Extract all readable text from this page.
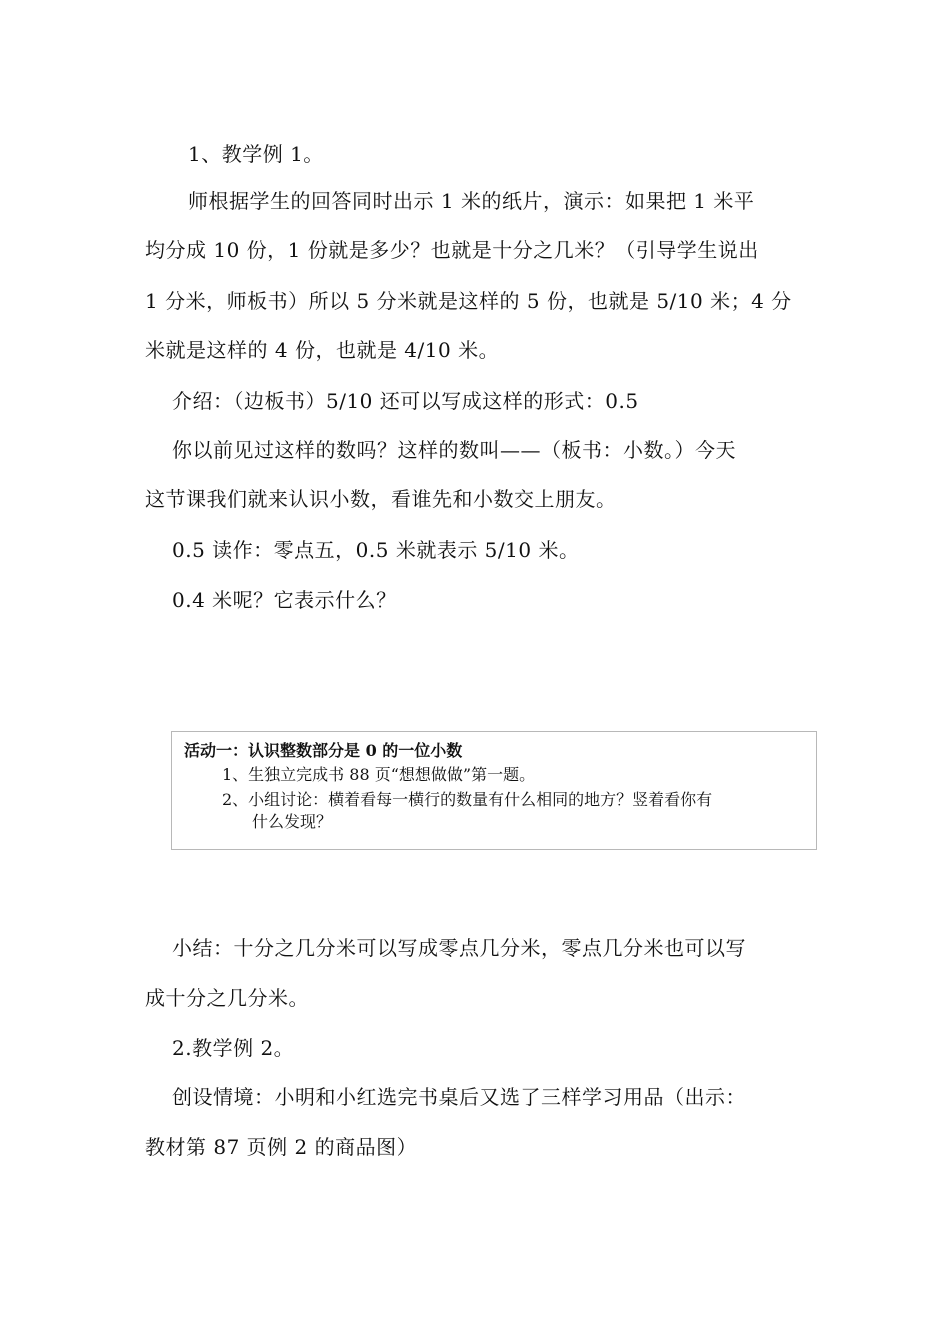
1、教学例 1。
师根据学生的回答同时出示 1 米的纸片，演示：如果把 1 米平
均分成 10 份，1 份就是多少？也就是十分之几米？（引导学生说出
1 分米，师板书）所以 5 分米就是这样的 5 份，也就是 5/10 米；4 分
米就是这样的 4 份，也就是 4/10 米。
介绍：（边板书）5/10 还可以写成这样的形式：0.5
你以前见过这样的数吗？这样的数叫——（板书：小数。）今天
这节课我们就来认识小数，看谁先和小数交上朋友。
0.5 读作：零点五，0.5 米就表示 5/10 米。
0.4 米呢？它表示什么？
活动一：认识整数部分是 0 的一位小数
1、生独立完成书 88 页“想想做做”第一题。
2、小组讨论：横着看每一横行的数量有什么相同的地方？竖着看你有
什么发现？
小结：十分之几分米可以写成零点几分米，零点几分米也可以写
成十分之几分米。
2.教学例 2。
创设情境：小明和小红选完书桌后又选了三样学习用品（出示：
教材第 87 页例 2 的商品图）
